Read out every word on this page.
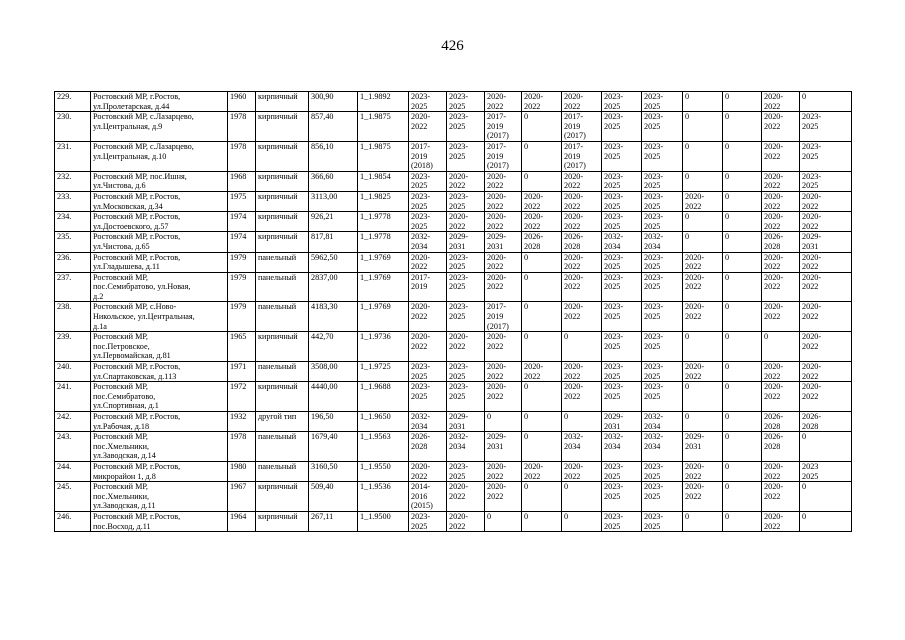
426
229.	Ростовский МР, г.Ростов,
ул.Пролетарская, д.44	1960	кирпичный	300,90	1_1.9892	2023-
2025	2023-
2025	2020-
2022	2020-
2022	2020-
2022	2023-
2025	2023-
2025	0	0	2020-
2022	0
230.	Ростовский МР, с.Лазарцево,
ул.Центральная, д.9	1978	кирпичный	857,40	1_1.9875	2020-
2022	2023-
2025	2017-
2019
(2017)	0	2017-
2019
(2017)	2023-
2025	2023-
2025	0	0	2020-
2022	2023-
2025
231.	Ростовский МР, с.Лазарцево,
ул.Центральная, д.10	1978	кирпичный	856,10	1_1.9875	2017-
2019
(2018)	2023-
2025	2017-
2019
(2017)	0	2017-
2019
(2017)	2023-
2025	2023-
2025	0	0	2020-
2022	2023-
2025
232.	Ростовский МР, пос.Ишня,
ул.Чистова, д.6	1968	кирпичный	366,60	1_1.9854	2023-
2025	2020-
2022	2020-
2022	0	2020-
2022	2023-
2025	2023-
2025	0	0	2020-
2022	2023-
2025
233.	Ростовский МР, г.Ростов,
ул.Московская, д.34	1975	кирпичный	3113,00	1_1.9825	2023-
2025	2023-
2025	2020-
2022	2020-
2022	2020-
2022	2023-
2025	2023-
2025	2020-
2022	0	2020-
2022	2020-
2022
234.	Ростовский МР, г.Ростов,
ул.Достоевского, д.57	1974	кирпичный	926,21	1_1.9778	2023-
2025	2020-
2022	2020-
2022	2020-
2022	2020-
2022	2023-
2025	2023-
2025	0	0	2020-
2022	2020-
2022
235.	Ростовский МР, г.Ростов,
ул.Чистова, д.65	1974	кирпичный	817,81	1_1.9778	2032-
2034	2029-
2031	2029-
2031	2026-
2028	2026-
2028	2032-
2034	2032-
2034	0	0	2026-
2028	2029-
2031
236.	Ростовский МР, г.Ростов,
ул.Гладышева, д.11	1979	панельный	5962,50	1_1.9769	2020-
2022	2023-
2025	2020-
2022	0	2020-
2022	2023-
2025	2023-
2025	2020-
2022	0	2020-
2022	2020-
2022
237.	Ростовский МР,
пос.Семибратово, ул.Новая,
д.2	1979	панельный	2837,00	1_1.9769	2017-
2019	2023-
2025	2020-
2022	0	2020-
2022	2023-
2025	2023-
2025	2020-
2022	0	2020-
2022	2020-
2022
238.	Ростовский МР, с.Ново-
Никольское, ул.Центральная,
д.1а	1979	панельный	4183,30	1_1.9769	2020-
2022	2023-
2025	2017-
2019
(2017)	0	2020-
2022	2023-
2025	2023-
2025	2020-
2022	0	2020-
2022	2020-
2022
239.	Ростовский МР,
пос.Петровское,
ул.Первомайская, д.81	1965	кирпичный	442,70	1_1.9736	2020-
2022	2020-
2022	2020-
2022	0	0	2023-
2025	2023-
2025	0	0	0	2020-
2022
240.	Ростовский МР, г.Ростов,
ул.Спартаковская, д.113	1971	панельный	3508,00	1_1.9725	2023-
2025	2023-
2025	2020-
2022	2020-
2022	2020-
2022	2023-
2025	2023-
2025	2020-
2022	0	2020-
2022	2020-
2022
241.	Ростовский МР,
пос.Семибратово,
ул.Спортивная, д.1	1972	кирпичный	4440,00	1_1.9688	2023-
2025	2023-
2025	2020-
2022	0	2020-
2022	2023-
2025	2023-
2025	0	0	2020-
2022	2020-
2022
242.	Ростовский МР, г.Ростов,
ул.Рабочая, д.18	1932	другой тип	196,50	1_1.9650	2032-
2034	2029-
2031	0	0	0	2029-
2031	2032-
2034	0	0	2026-
2028	2026-
2028
243.	Ростовский МР,
пос.Хмельники,
ул.Заводская, д.14	1978	панельный	1679,40	1_1.9563	2026-
2028	2032-
2034	2029-
2031	0	2032-
2034	2032-
2034	2032-
2034	2029-
2031	0	2026-
2028	0
244.	Ростовский МР, г.Ростов,
микрорайон 1, д.8	1980	панельный	3160,50	1_1.9550	2020-
2022	2023-
2025	2020-
2022	2020-
2022	2020-
2022	2023-
2025	2023-
2025	2020-
2022	0	2020-
2022	2023
2025
245.	Ростовский МР,
пос.Хмельники,
ул.Заводская, д.11	1967	кирпичный	509,40	1_1.9536	2014-
2016
(2015)	2020-
2022	2020-
2022	0	0	2023-
2025	2023-
2025	2020-
2022	0	2020-
2022	0
246.	Ростовский МР, г.Ростов,
пос.Восход, д.11	1964	кирпичный	267,11	1_1.9500	2023-
2025	2020-
2022	0	0	0	2023-
2025	2023-
2025	0	0	2020-
2022	0
